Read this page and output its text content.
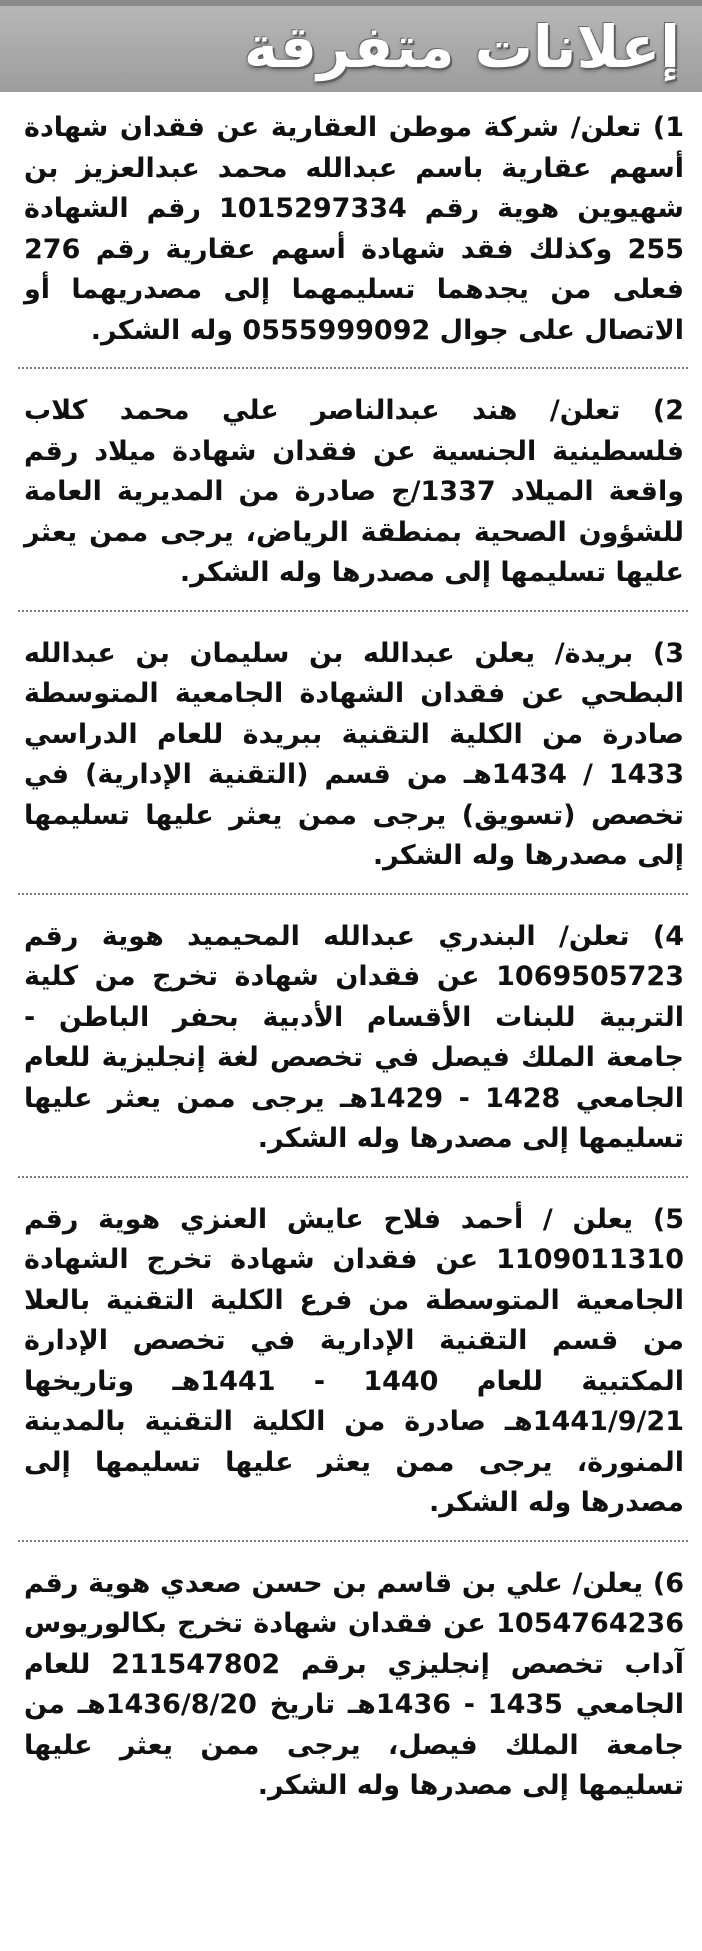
إعلانات متفرقة

1) تعلن/ شركة موطن العقارية عن فقدان شهادة أسهم عقارية باسم عبدالله محمد عبدالعزيز بن شهيوين هوية رقم 1015297334 رقم الشهادة 255 وكذلك فقد شهادة أسهم عقارية رقم 276 فعلى من يجدهما تسليمهما إلى مصدريهما أو الاتصال على جوال 0555999092 وله الشكر.

2) تعلن/ هند عبدالناصر علي محمد كلاب فلسطينية الجنسية عن فقدان شهادة ميلاد رقم واقعة الميلاد 1337/ج صادرة من المديرية العامة للشؤون الصحية بمنطقة الرياض، يرجى ممن يعثر عليها تسليمها إلى مصدرها وله الشكر.

3) بريدة/ يعلن عبدالله بن سليمان بن عبدالله البطحي عن فقدان الشهادة الجامعية المتوسطة صادرة من الكلية التقنية ببريدة للعام الدراسي 1433 / 1434هـ من قسم (التقنية الإدارية) في تخصص (تسويق) يرجى ممن يعثر عليها تسليمها إلى مصدرها وله الشكر.

4) تعلن/ البندري عبدالله المحيميد هوية رقم 1069505723 عن فقدان شهادة تخرج من كلية التربية للبنات الأقسام الأدبية بحفر الباطن - جامعة الملك فيصل في تخصص لغة إنجليزية للعام الجامعي 1428 - 1429هـ يرجى ممن يعثر عليها تسليمها إلى مصدرها وله الشكر.

5) يعلن / أحمد فلاح عايش العنزي هوية رقم 1109011310 عن فقدان شهادة تخرج الشهادة الجامعية المتوسطة من فرع الكلية التقنية بالعلا من قسم التقنية الإدارية في تخصص الإدارة المكتبية للعام 1440 - 1441هـ وتاريخها 1441/9/21هـ صادرة من الكلية التقنية بالمدينة المنورة، يرجى ممن يعثر عليها تسليمها إلى مصدرها وله الشكر.

6) يعلن/ علي بن قاسم بن حسن صعدي هوية رقم 1054764236 عن فقدان شهادة تخرج بكالوريوس آداب تخصص إنجليزي برقم 211547802 للعام الجامعي 1435 - 1436هـ تاريخ 1436/8/20هـ من جامعة الملك فيصل، يرجى ممن يعثر عليها تسليمها إلى مصدرها وله الشكر.
